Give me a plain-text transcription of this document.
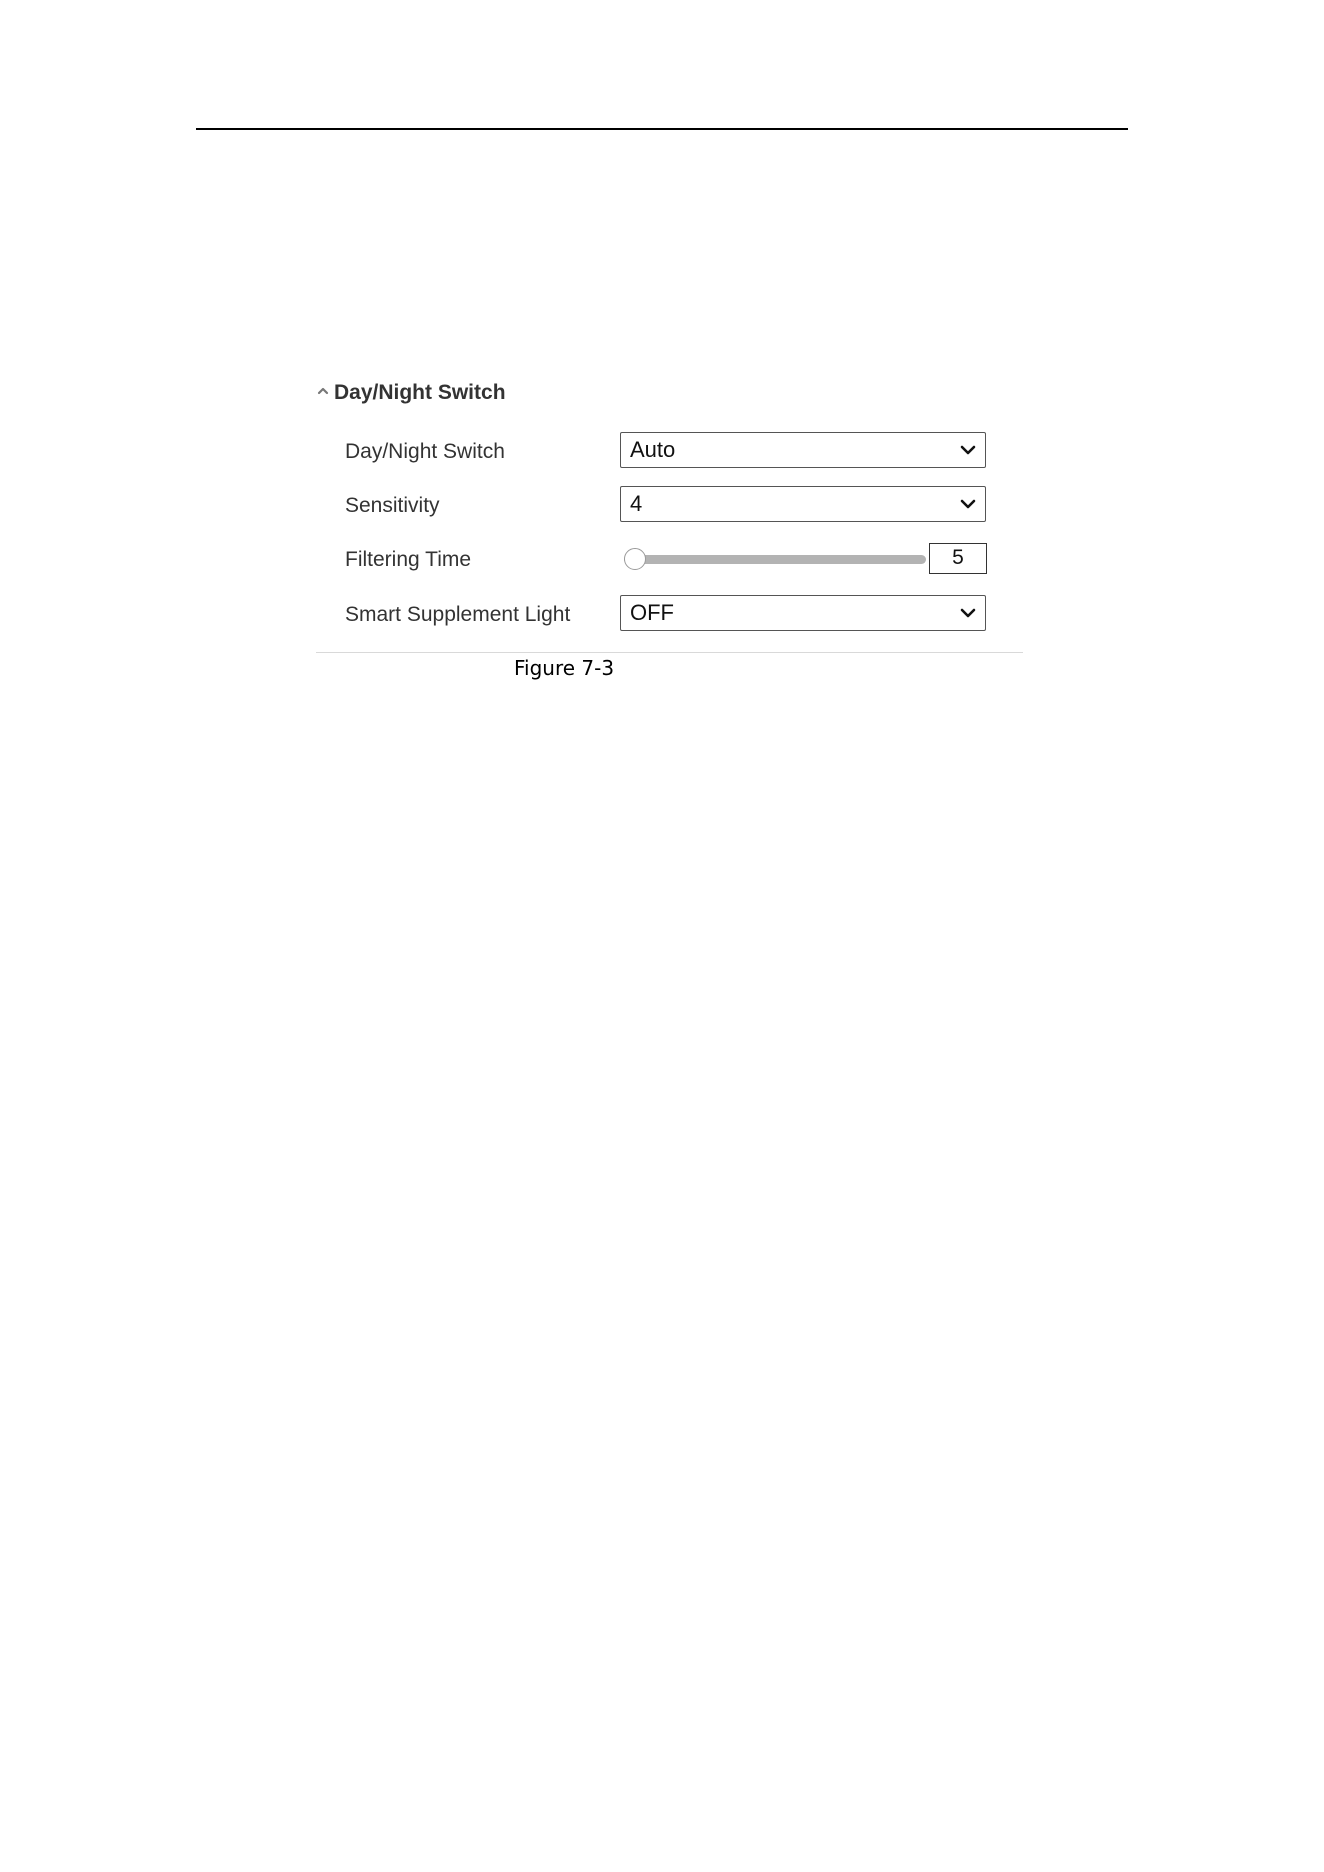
Day/Night Switch
Day/Night Switch	Auto
Sensitivity	4
Filtering Time	5
Smart Supplement Light	OFF
Figure 7-3
